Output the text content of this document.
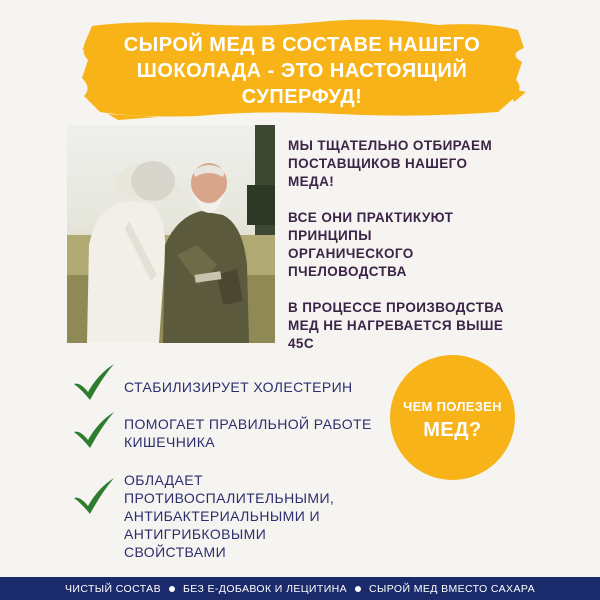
СЫРОЙ МЕД В СОСТАВЕ НАШЕГО
ШОКОЛАДА - ЭТО НАСТОЯЩИЙ
СУПЕРФУД!

МЫ ТЩАТЕЛЬНО ОТБИРАЕМ
ПОСТАВЩИКОВ НАШЕГО
МЕДА!

ВСЕ ОНИ ПРАКТИКУЮТ
ПРИНЦИПЫ
ОРГАНИЧЕСКОГО
ПЧЕЛОВОДСТВА

В ПРОЦЕССЕ ПРОИЗВОДСТВА
МЕД НЕ НАГРЕВАЕТСЯ ВЫШЕ
45С

СТАБИЛИЗИРУЕТ ХОЛЕСТЕРИН

ПОМОГАЕТ ПРАВИЛЬНОЙ РАБОТЕ
КИШЕЧНИКА

ОБЛАДАЕТ
ПРОТИВОСПАЛИТЕЛЬНЫМИ,
АНТИБАКТЕРИАЛЬНЫМИ И
АНТИГРИБКОВЫМИ
СВОЙСТВАМИ

ЧЕМ ПОЛЕЗЕН
МЕД?
ЧИСТЫЙ СОСТАВ БЕЗ Е-ДОБАВОК И ЛЕЦИТИНА СЫРОЙ МЕД ВМЕСТО САХАРА
